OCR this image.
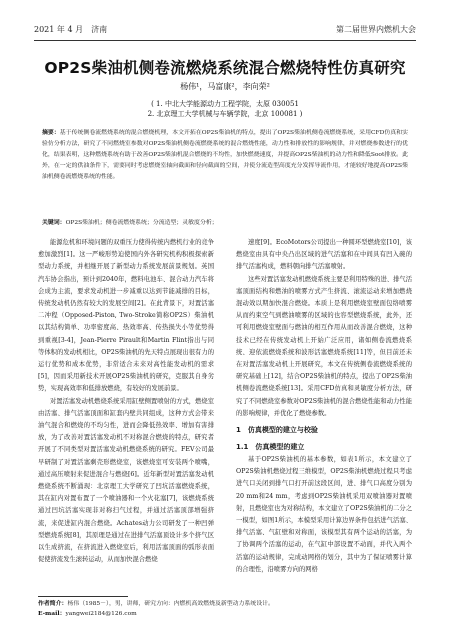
2021 年 4 月　济南	第二届世界内燃机大会
OP2S柴油机侧卷流燃烧系统混合燃烧特性仿真研究
杨伟¹，马富康²，李向荣²
( 1. 中北大学能源动力工程学院，太原 030051
2. 北京理工大学机械与车辆学院，北京 100081 )
摘要：基于传统侧卷流燃烧系统的混合燃烧机理，本文开拓在OP2S柴油机的特点，提出了OP2S柴油机侧卷流燃烧系统，采用CFD仿真和实验仿分析方法，研究了不同燃烧室参数对OP2S柴油机侧卷流燃烧系统的混合燃烧性能，动力性和排放性的影响规律，并对燃烧参数进行的优化，结果表明，这种燃烧系统有助于改善OP2S柴油机混合燃烧的不均性，加快燃烧速度，并提高OP2S柴油机的动力性和降低Soot排放。此外，在一定的供油条件下，需要同时考虑燃烧室轴向截面和径向截面的空间，并使分流造型高度充分发挥导流作用，才能较好地提高OP2S柴油机侧卷流燃烧系统的性能。
关键词：OP2S柴油机；侧卷流燃烧系统；分流造型；灵敏度分析；

能源危机和环境问题的双重压力使得传统内燃机行业的竞争愈加激烈[1]。这一严峻形势迫使国内外各研究机构积极探索新型动力系统，并相继开展了新型动力系统发展前景规划。英国汽车协会指出，预计到2040年，燃料电池车、混合动力汽车将会成为主流，要求发动机进一步减重以达到节能减排的目标，传统发动机仍然有较大的发展空间[2]。在此背景下，对置活塞二冲程（Opposed-Piston, Two-Stroke简称OP2S）柴油机以其结构简单、功率密度高、热效率高、传热损失小等优势得到重视[3-4]，Jean-Pierre Pirault和Martin Flint指出与同等体积的发动机相比，OP2S柴油机的先天特点展现出很有力的运行优势和成本优势，非常适合未来对高性能发动机的需求[5]，因而采用新技术开展OP2S柴油机的研究，克服其自身劣势，实现高效率和低排放燃烧，有较好的发展前景。

对置活塞发动机燃烧系统采用缸壁侧置喷射的方式，燃烧室由活塞、排气活塞顶面和缸套内壁共同组成，这种方式会带来油气混合和燃烧的不均匀性，进而会降低热效率、增加有害排放，为了改善对置活塞发动机不对称混合燃烧的特点，研究者开展了不同类型对置活塞发动机燃烧系统的研究。FEV公司最早研制了对置活塞剩壳形燃烧室，该燃烧室可安装两个喷嘴，通过高压喷射来促进混合与燃烧[6]。近年新型对置活塞发动机燃烧系统不断涌现：北京理工大学研究了凹坑活塞燃烧系统，其在缸内对置布置了一个喷油器和一个火花塞[7]，该燃烧系统通过凹坑活塞实现非对称扫气过程，并通过活塞顶部增强挤流，来促进缸内混合燃烧。Achates动力公司研发了一种凹弹型燃烧系统[8]，其原理是通过在进排气活塞顶设计多个挤气区以生成挤流，在挤流进入燃烧室后，利用活塞顶面的弧形表面促使挤流发生滚转运动，从而加快混合燃烧

速度[9]。EcoMotors公司提出一种圆环型燃烧室[10]，该燃烧室由具有中央凸出区域的进气活塞和在中间具有凹入碗的排气活塞构成，燃料朝向排气活塞喷射。

这些对置活塞发动机燃烧系统主要是利用特殊的进、排气活塞顶面结构和燃油的喷雾方式产生挤流、滚流运动来增加燃烧混动效以期加快混合燃烧。本质上是利用燃烧室壁面包络喷雾从而约束空气到燃油喷雾的区域的也容型燃烧系统，此外，还可利用燃烧室壁面与燃油的相互作用从而改善混合燃烧，这种技术已经在传统发动机上开始广泛应用，诸如侧卷流燃烧系统、迎依流燃烧系统和波形活塞燃烧系统[11]等，但目前还未在对置活塞发动机上开展研究，本文在传统侧卷流燃烧系统的研究基础上[12]，结合OP2S柴油机的特点，提出了OP2S柴油机侧卷流燃烧系统[13]。采用CFD仿真和灵敏度分析方法，研究了不同燃烧室参数对OP2S柴油机的混合燃烧性能和动力性能的影响规律，并优化了燃烧参数。

1　仿真模型的建立与校验
1.1　仿真模型的建立

基于OP2S柴油机的基本参数，如表1所示，本文建立了OP2S柴油机燃烧过程三维模型，OP2S柴油机燃烧过程只考虑进气口关闭到排气口打开前这段区间，进、排气口高度分别为20 mm和24 mm，考虑到OP2S柴油机采用双喷油器对置喷射，且燃烧室也为对称结构，本文建立了OP2S柴油机的二分之一模型，如图1所示，本模型采用计算边界条件包括进气活塞、排气活塞、气缸壁和对称面，该模型其有两个运动的活塞，为了协调两个活塞的运动，在气缸中部设置不动面，并代入两个活塞的运动规律，完成动网格的划分，其中为了保证喷雾计算的合理性，沿喷雾方向的网格

作者简介：杨伟（1985－），男，讲师，研究方向：内燃机高效燃烧及新型动力系统设计。
E-mail：yangwei2184@126.com
